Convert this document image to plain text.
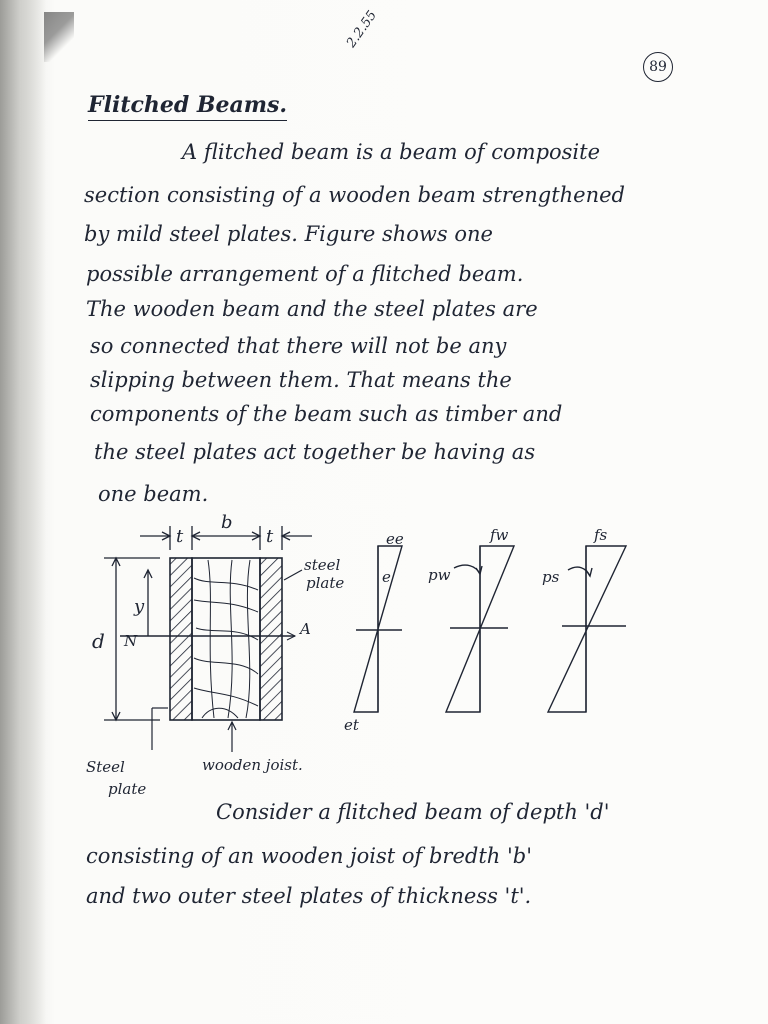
2.2.55
89
Flitched Beams.
A flitched beam is a beam of composite
section consisting of a wooden beam strengthened
by mild steel plates. Figure shows one
possible arrangement of a flitched beam.
The wooden beam and the steel plates are
so connected that there will not be any
slipping between them. That means the
components of the beam such as timber and
the steel plates act together be having as
one beam.
t
b
t
d
y
N
A
steel
plate
Steel
plate
wooden joist.
ee
e
et
fw
pw
fs
ps
Consider a flitched beam of depth 'd'
consisting of an wooden joist of bredth 'b'
and two outer steel plates of thickness 't'.
